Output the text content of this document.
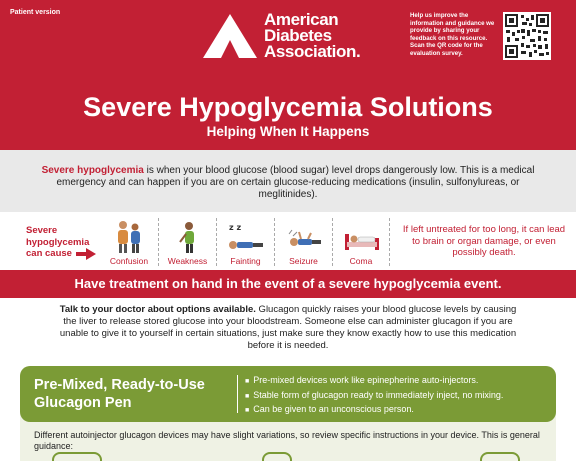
Patient version	American
Diabetes
Association.
Help us improve the information and guidance we provide by sharing your feedback on this resource. Scan the QR code for the evaluation survey.
Severe Hypoglycemia Solutions
Helping When It Happens

Severe hypoglycemia is when your blood glucose (blood sugar) level drops dangerously low. This is a medical emergency and can happen if you are on certain glucose-reducing medications (insulin, sulfonylureas, or meglitinides).

Severe
hypoglycemia
can cause
Confusion	Weakness
z z
Fainting	Seizure	Coma
If left untreated for too long, it can lead to brain or organ damage, or even possibly death.
Have treatment on hand in the event of a severe hypoglycemia event.
Talk to your doctor about options available. Glucagon quickly raises your blood glucose levels by causing the liver to release stored glucose into your bloodstream. Someone else can administer glucagon if you are unable to give it to yourself in certain situations, just make sure they know exactly how to use this medication before it is needed.
Pre-Mixed, Ready-to-Use
Glucagon Pen
■ Pre-mixed devices work like epinepherine auto-injectors.
■ Stable form of glucagon ready to immediately inject, no mixing.
■ Can be given to an unconscious person.
Different autoinjector glucagon devices may have slight variations, so review specific instructions in your device. This is general guidance:
